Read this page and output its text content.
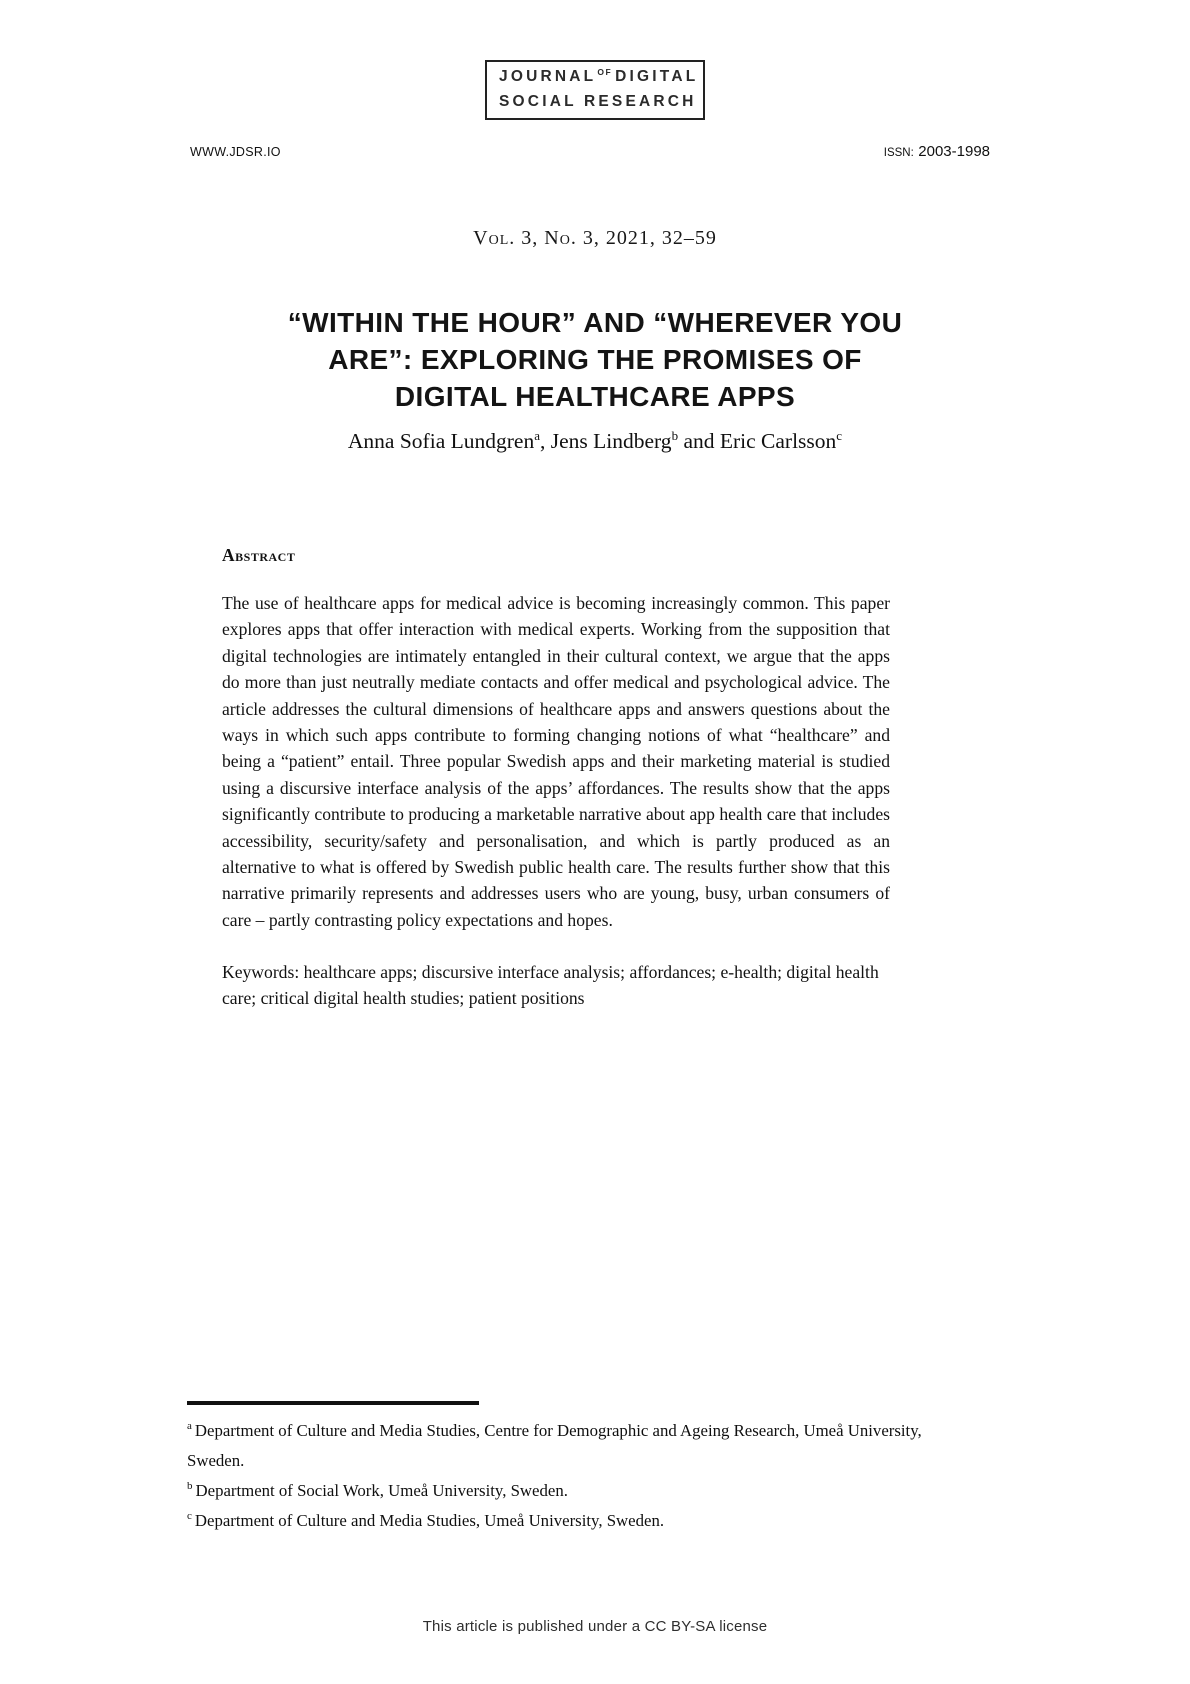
$JOURNAL^{OF}$ DIGITAL
SOCIAL RESEARCH
WWW.JDSR.IO	ISSN: 2003-1998
Vol. 3, No. 3, 2021, 32–59
“WITHIN THE HOUR” AND “WHEREVER YOU ARE”: EXPLORING THE PROMISES OF DIGITAL HEALTHCARE APPS
Anna Sofia Lundgren$^a$, Jens Lindberg$^b$ and Eric Carlsson$^c$
Abstract

The use of healthcare apps for medical advice is becoming increasingly common. This paper explores apps that offer interaction with medical experts. Working from the supposition that digital technologies are intimately entangled in their cultural context, we argue that the apps do more than just neutrally mediate contacts and offer medical and psychological advice. The article addresses the cultural dimensions of healthcare apps and answers questions about the ways in which such apps contribute to forming changing notions of what “healthcare” and being a “patient” entail. Three popular Swedish apps and their marketing material is studied using a discursive interface analysis of the apps’ affordances. The results show that the apps significantly contribute to producing a marketable narrative about app health care that includes accessibility, security/safety and personalisation, and which is partly produced as an alternative to what is offered by Swedish public health care. The results further show that this narrative primarily represents and addresses users who are young, busy, urban consumers of care – partly contrasting policy expectations and hopes.

Keywords: healthcare apps; discursive interface analysis; affordances; e-health; digital health care; critical digital health studies; patient positions

$^a$ Department of Culture and Media Studies, Centre for Demographic and Ageing Research, Umeå University, Sweden.
$^b$ Department of Social Work, Umeå University, Sweden.
$^c$ Department of Culture and Media Studies, Umeå University, Sweden.
This article is published under a CC BY-SA license
